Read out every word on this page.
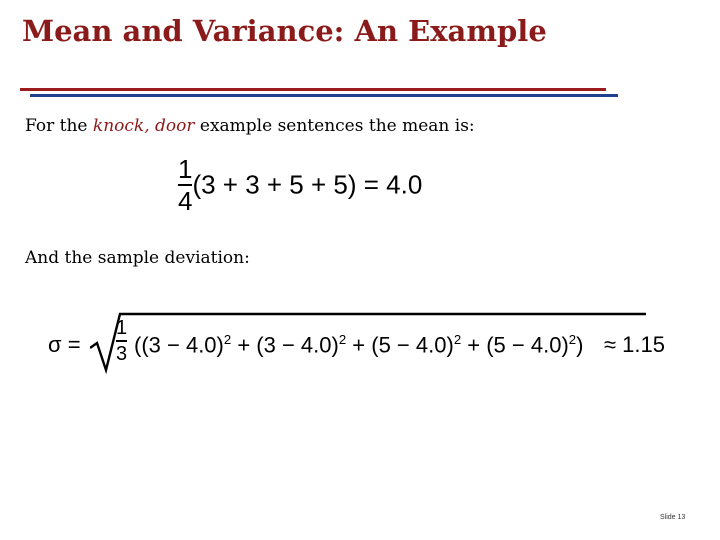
Mean and Variance: An Example
For the knock, door example sentences the mean is:
$\frac{1}{4} (3 + 3 + 5 + 5) = 4.0$
And the sample deviation:
σ =
1
3 $((3 - 4.0)^2 + (3 - 4.0)^2 + (5 - 4.0)^2 + (5 - 4.0)^2) \approx 1.15$
Slide 13
